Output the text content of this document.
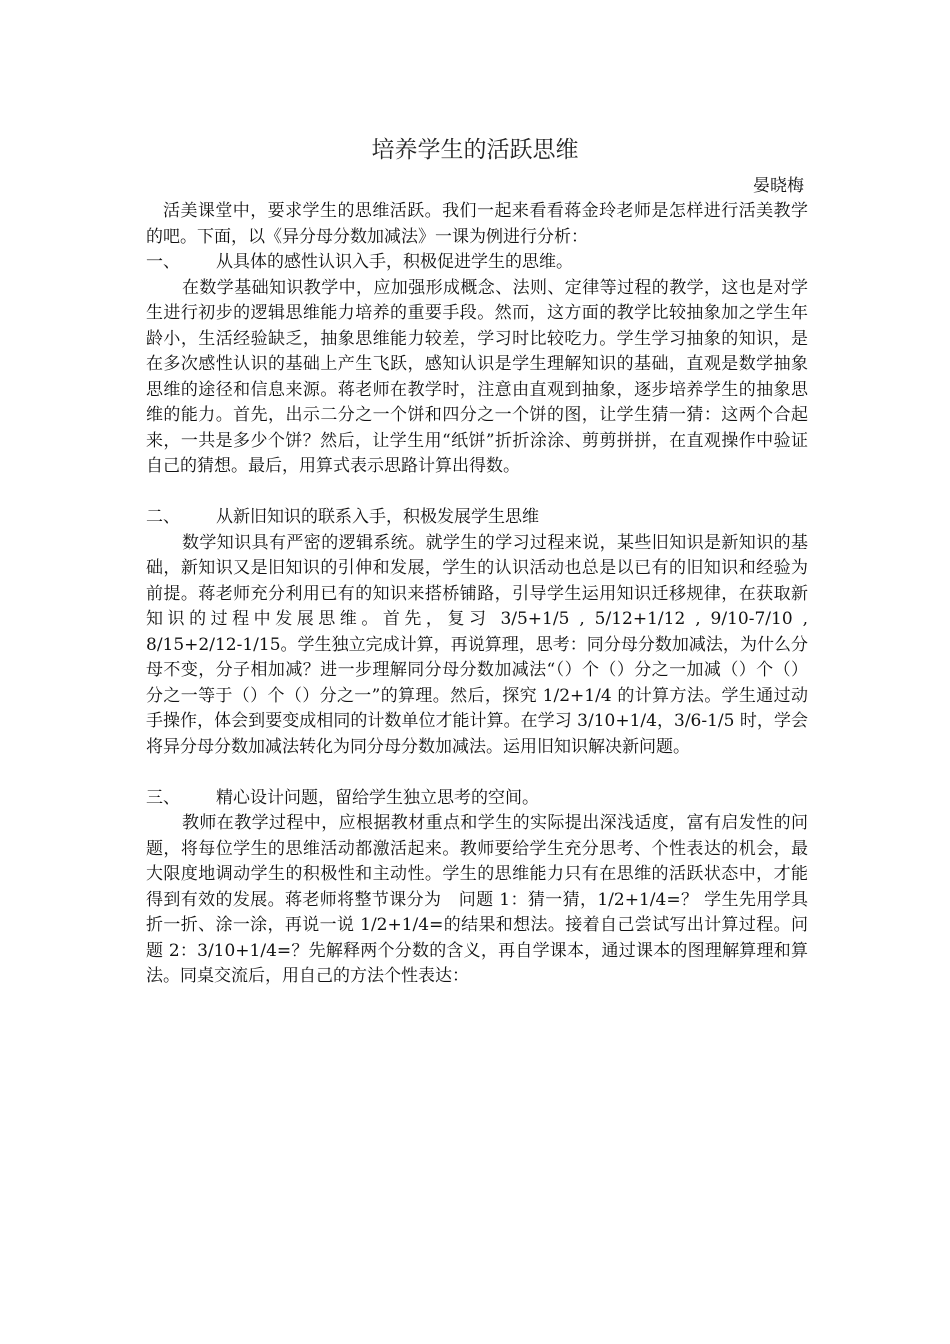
培养学生的活跃思维
晏晓梅

活美课堂中，要求学生的思维活跃。我们一起来看看蒋金玲老师是怎样进行活美教学的吧。下面，以《异分母分数加减法》一课为例进行分析：

一、	从具体的感性认识入手，积极促进学生的思维。

在数学基础知识教学中，应加强形成概念、法则、定律等过程的教学，这也是对学生进行初步的逻辑思维能力培养的重要手段。然而，这方面的教学比较抽象加之学生年龄小，生活经验缺乏，抽象思维能力较差，学习时比较吃力。学生学习抽象的知识，是在多次感性认识的基础上产生飞跃，感知认识是学生理解知识的基础，直观是数学抽象思维的途径和信息来源。蒋老师在教学时，注意由直观到抽象，逐步培养学生的抽象思维的能力。首先，出示二分之一个饼和四分之一个饼的图，让学生猜一猜：这两个合起来，一共是多少个饼？然后，让学生用“纸饼”折折涂涂、剪剪拼拼，在直观操作中验证自己的猜想。最后，用算式表示思路计算出得数。

二、	从新旧知识的联系入手，积极发展学生思维

数学知识具有严密的逻辑系统。就学生的学习过程来说，某些旧知识是新知识的基础，新知识又是旧知识的引伸和发展，学生的认识活动也总是以已有的旧知识和经验为前提。蒋老师充分利用已有的知识来搭桥铺路，引导学生运用知识迁移规律，在获取新知识的过程中发展思维。首先，复习 3/5+1/5 , 5/12+1/12 , 9/10-7/10 , 8/15+2/12-1/15。学生独立完成计算，再说算理，思考：同分母分数加减法，为什么分母不变，分子相加减？进一步理解同分母分数加减法“（）个（）分之一加减（）个（）分之一等于（）个（）分之一”的算理。然后，探究 1/2+1/4 的计算方法。学生通过动手操作，体会到要变成相同的计数单位才能计算。在学习 3/10+1/4，3/6-1/5 时，学会将异分母分数加减法转化为同分母分数加减法。运用旧知识解决新问题。

三、	精心设计问题，留给学生独立思考的空间。

教师在教学过程中，应根据教材重点和学生的实际提出深浅适度，富有启发性的问题，将每位学生的思维活动都激活起来。教师要给学生充分思考、个性表达的机会，最大限度地调动学生的积极性和主动性。学生的思维能力只有在思维的活跃状态中，才能得到有效的发展。蒋老师将整节课分为　问题 1：猜一猜，1/2+1/4=？ 学生先用学具折一折、涂一涂，再说一说 1/2+1/4=的结果和想法。接着自己尝试写出计算过程。问题 2：3/10+1/4=？先解释两个分数的含义，再自学课本，通过课本的图理解算理和算法。同桌交流后，用自己的方法个性表达：
